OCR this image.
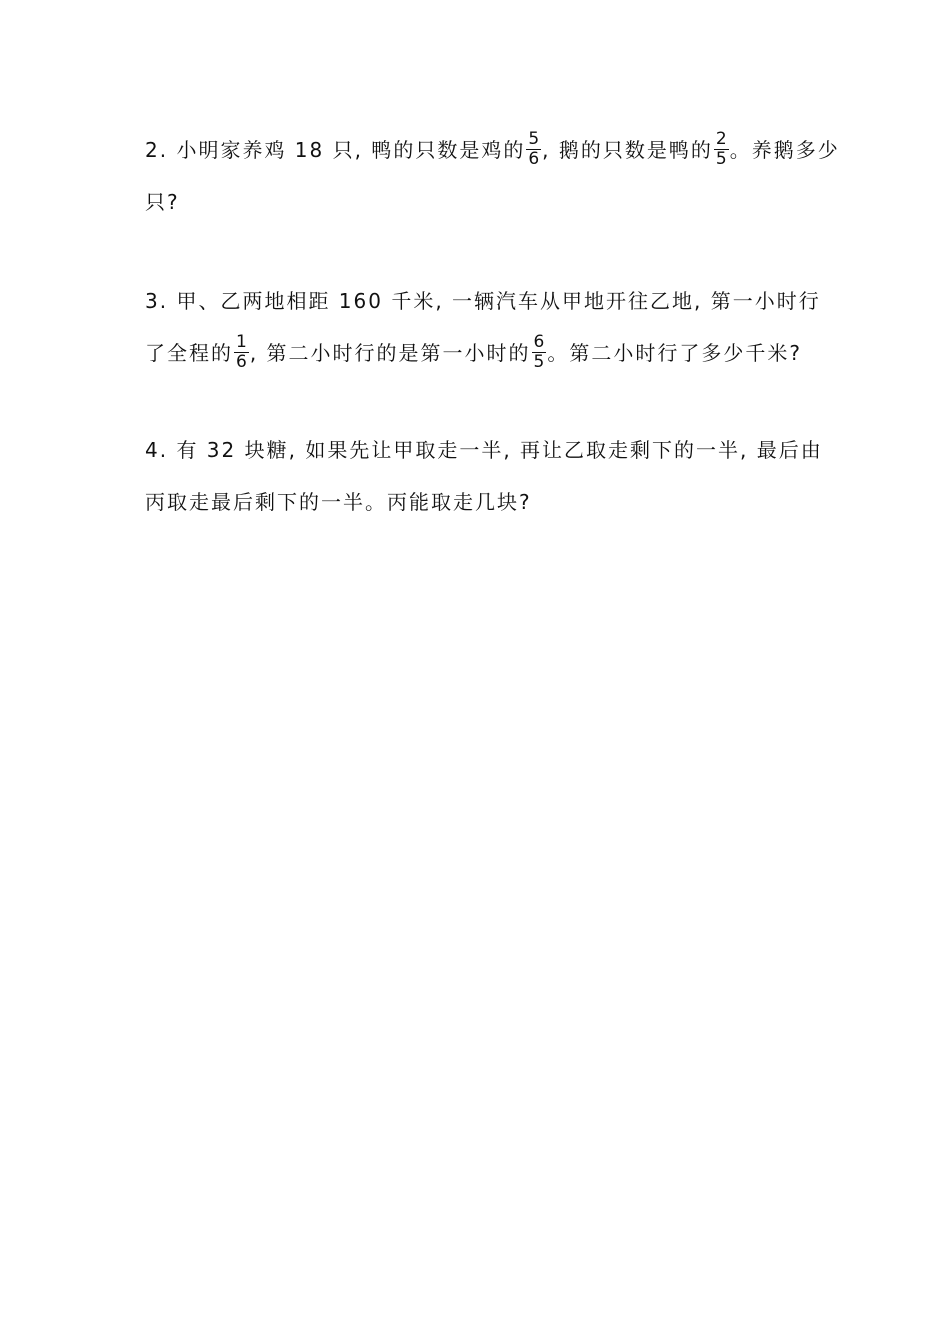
2. 小明家养鸡 18 只, 鸭的只数是鸡的 $\frac{5}{6}$ , 鹅的只数是鸭的 $\frac{2}{5}$ 。养鹅多少
只?
3. 甲、乙两地相距 160 千米, 一辆汽车从甲地开往乙地, 第一小时行
了全程的 $\frac{1}{6}$ , 第二小时行的是第一小时的 $\frac{6}{5}$ 。第二小时行了多少千米?
4. 有 32 块糖, 如果先让甲取走一半, 再让乙取走剩下的一半, 最后由
丙取走最后剩下的一半。丙能取走几块?
